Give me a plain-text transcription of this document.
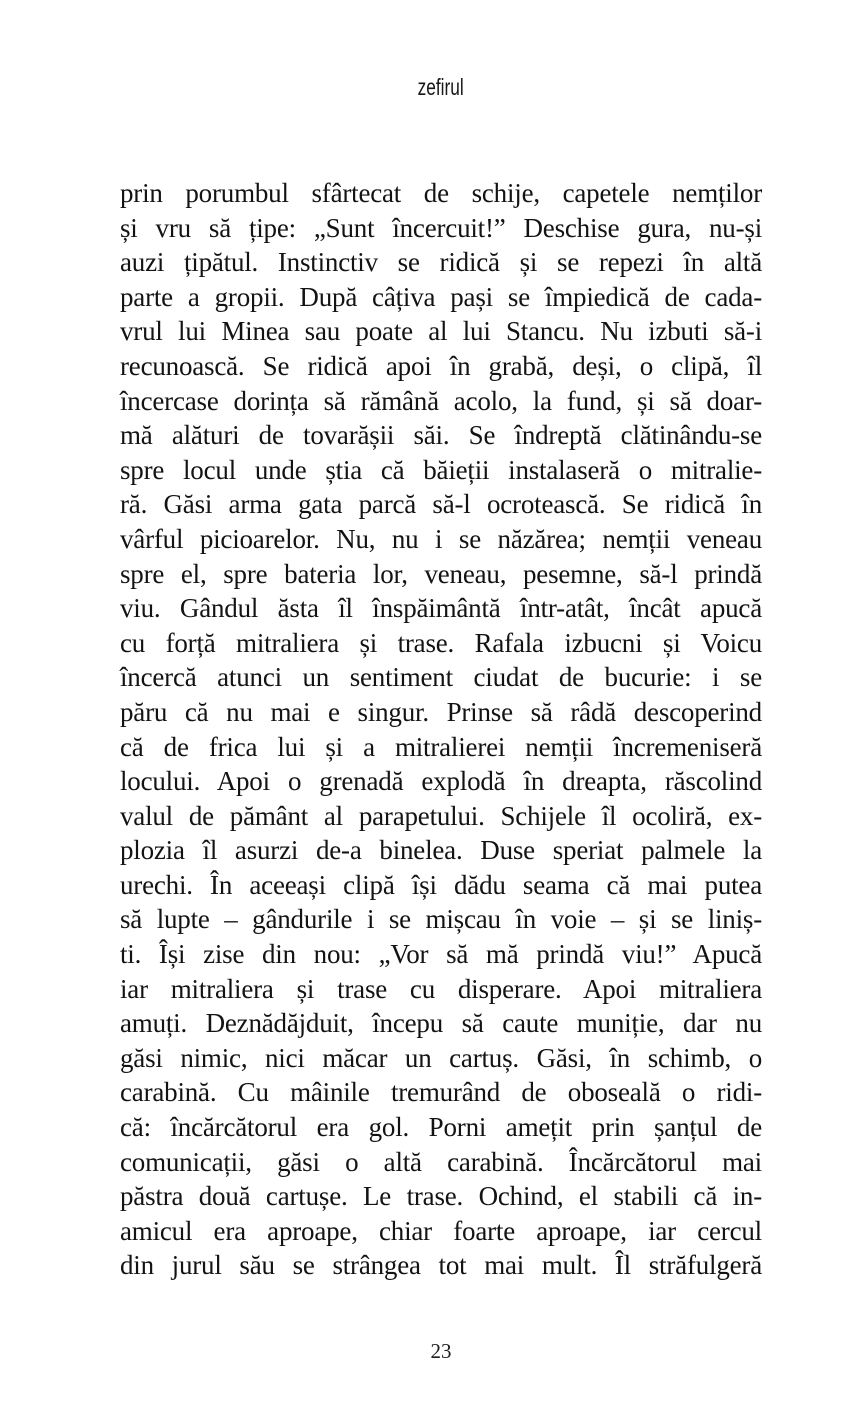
zefirul
prin porumbul sfârtecat de schije, capetele nemților
și vru să țipe: „Sunt încercuit!” Deschise gura, nu-și
auzi țipătul. Instinctiv se ridică și se repezi în altă
parte a gropii. După câțiva pași se împiedică de cada-
vrul lui Minea sau poate al lui Stancu. Nu izbuti să-i
recunoască. Se ridică apoi în grabă, deși, o clipă, îl
încercase dorința să rămână acolo, la fund, și să doar-
mă alături de tovarășii săi. Se îndreptă clătinându-se
spre locul unde știa că băieții instalaseră o mitralie-
ră. Găsi arma gata parcă să-l ocrotească. Se ridică în
vârful picioarelor. Nu, nu i se năzărea; nemții veneau
spre el, spre bateria lor, veneau, pesemne, să-l prindă
viu. Gândul ăsta îl înspăimântă într-atât, încât apucă
cu forță mitraliera și trase. Rafala izbucni și Voicu
încercă atunci un sentiment ciudat de bucurie: i se
păru că nu mai e singur. Prinse să râdă descoperind
că de frica lui și a mitralierei nemții încremeniseră
locului. Apoi o grenadă explodă în dreapta, răscolind
valul de pământ al parapetului. Schijele îl ocoliră, ex-
plozia îl asurzi de-a binelea. Duse speriat palmele la
urechi. În aceeași clipă își dădu seama că mai putea
să lupte – gândurile i se mișcau în voie – și se liniș-
ti. Își zise din nou: „Vor să mă prindă viu!” Apucă
iar mitraliera și trase cu disperare. Apoi mitraliera
amuți. Deznădăjduit, începu să caute muniție, dar nu
găsi nimic, nici măcar un cartuș. Găsi, în schimb, o
carabină. Cu mâinile tremurând de oboseală o ridi-
că: încărcătorul era gol. Porni amețit prin șanțul de
comunicații, găsi o altă carabină. Încărcătorul mai
păstra două cartușe. Le trase. Ochind, el stabili că in-
amicul era aproape, chiar foarte aproape, iar cercul
din jurul său se strângea tot mai mult. Îl străfulgeră
23
